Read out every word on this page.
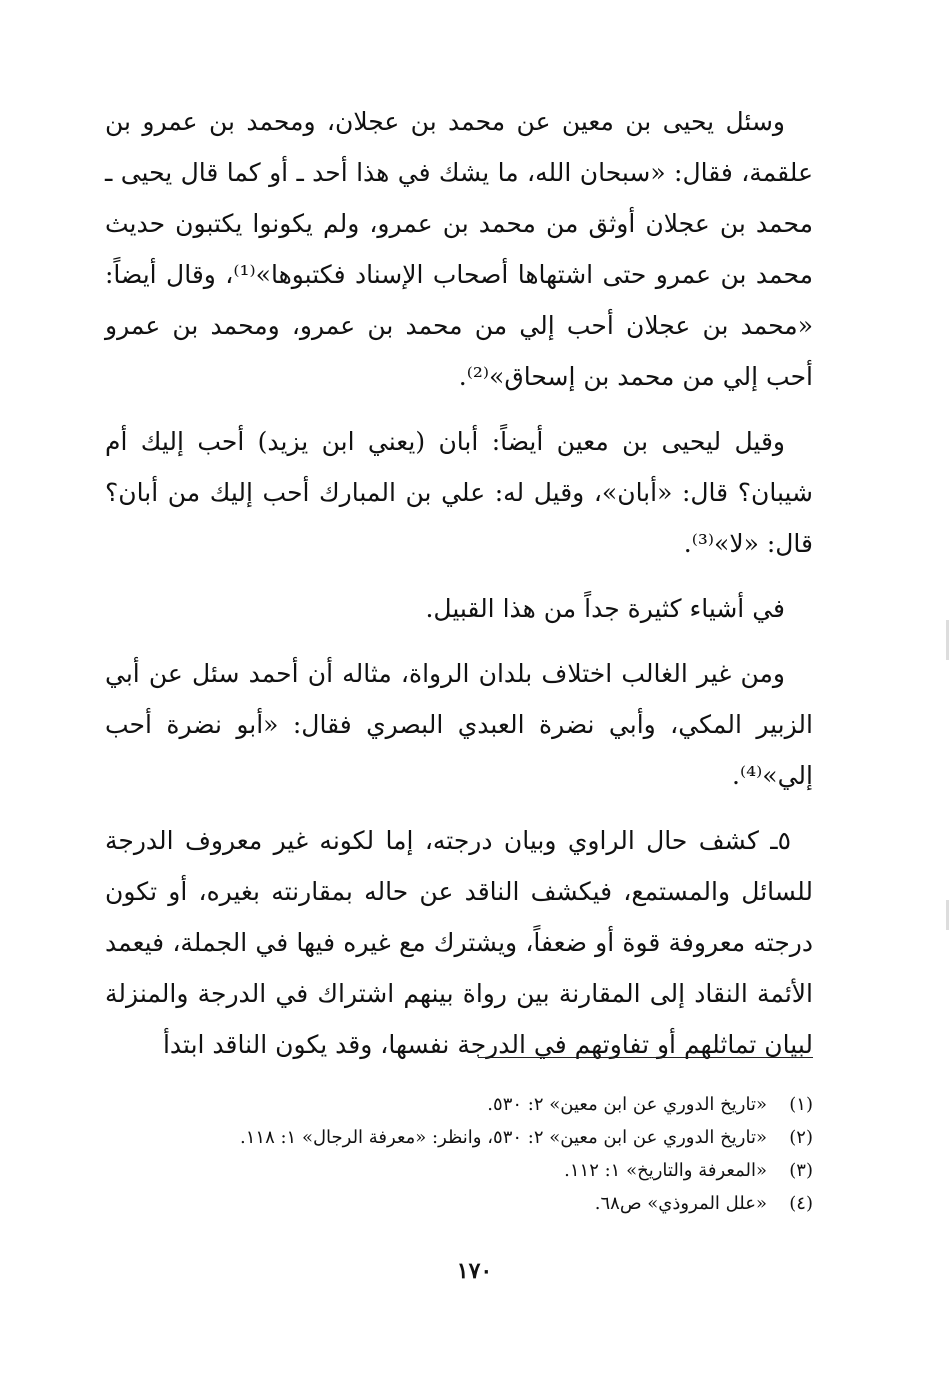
وسئل يحيى بن معين عن محمد بن عجلان، ومحمد بن عمرو بن علقمة، فقال: «سبحان الله، ما يشك في هذا أحد ـ أو كما قال يحيى ـ محمد بن عجلان أوثق من محمد بن عمرو، ولم يكونوا يكتبون حديث محمد بن عمرو حتى اشتهاها أصحاب الإسناد فكتبوها»⁽¹⁾، وقال أيضاً: «محمد بن عجلان أحب إلي من محمد بن عمرو، ومحمد بن عمرو أحب إلي من محمد بن إسحاق»⁽²⁾.

وقيل ليحيى بن معين أيضاً: أبان (يعني ابن يزيد) أحب إليك أم شيبان؟ قال: «أبان»، وقيل له: علي بن المبارك أحب إليك من أبان؟ قال: «لا»⁽³⁾.

في أشياء كثيرة جداً من هذا القبيل.

ومن غير الغالب اختلاف بلدان الرواة، مثاله أن أحمد سئل عن أبي الزبير المكي، وأبي نضرة العبدي البصري فقال: «أبو نضرة أحب إلي»⁽⁴⁾.

٥ـ كشف حال الراوي وبيان درجته، إما لكونه غير معروف الدرجة للسائل والمستمع، فيكشف الناقد عن حاله بمقارنته بغيره، أو تكون درجته معروفة قوة أو ضعفاً، ويشترك مع غيره فيها في الجملة، فيعمد الأئمة النقاد إلى المقارنة بين رواة بينهم اشتراك في الدرجة والمنزلة لبيان تماثلهم أو تفاوتهم في الدرجة نفسها، وقد يكون الناقد ابتدأ

(١)«تاريخ الدوري عن ابن معين» ٢: ٥٣٠.
(٢)«تاريخ الدوري عن ابن معين» ٢: ٥٣٠، وانظر: «معرفة الرجال» ١: ١١٨.
(٣)«المعرفة والتاريخ» ١: ١١٢.
(٤)«علل المروذي» ص٦٨.
١٧٠
